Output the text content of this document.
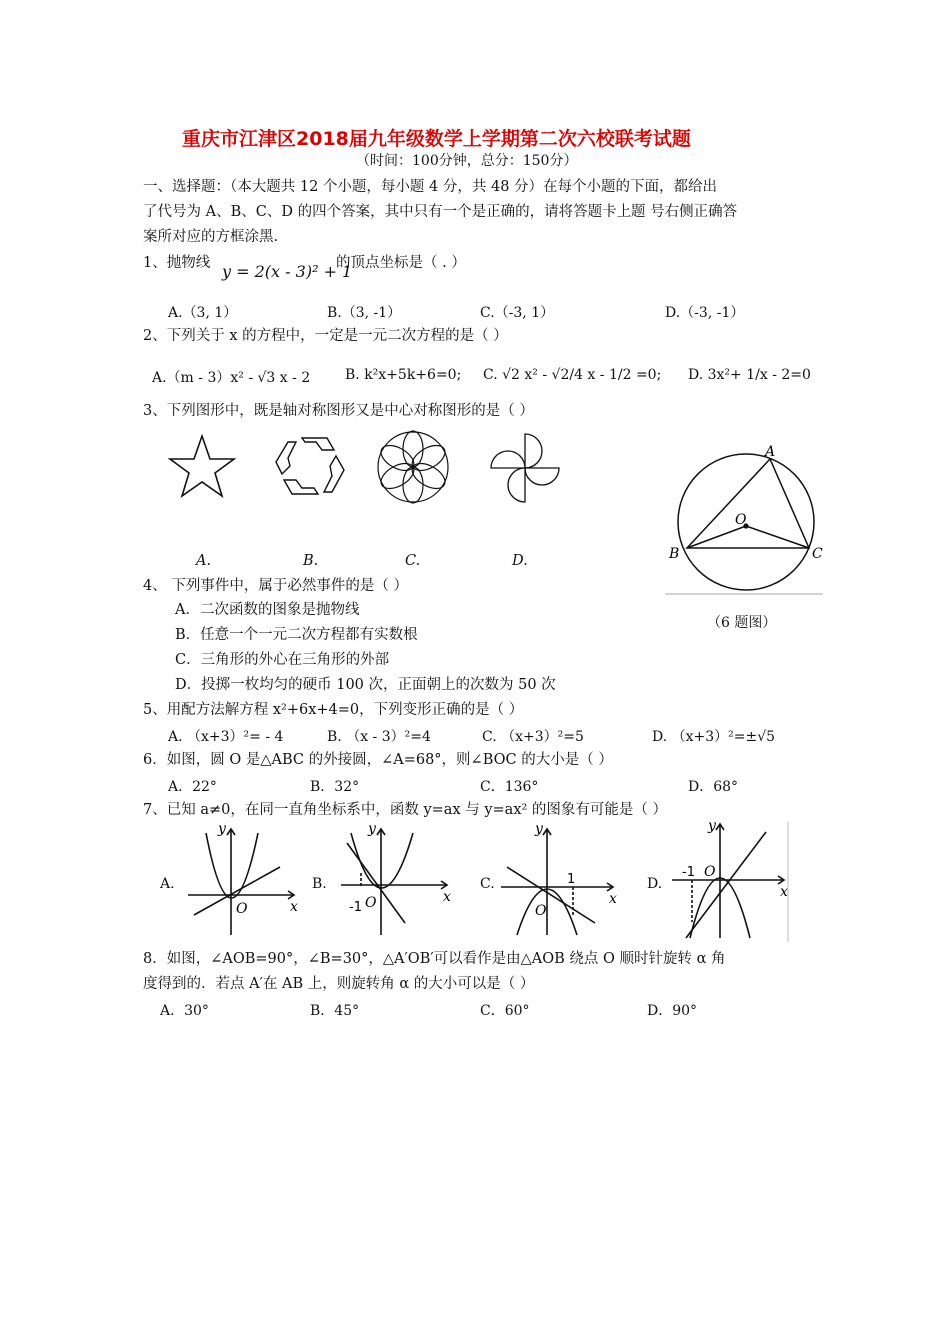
重庆市江津区2018届九年级数学上学期第二次六校联考试题
（时间：100分钟，总分：150分）
一、选择题：（本大题共 12 个小题，每小题 4 分，共 48 分）在每个小题的下面，都给出
了代号为 A、B、C、D 的四个答案，其中只有一个是正确的，请将答题卡上题 号右侧正确答
案所对应的方框涂黑.
1、抛物线 y = 2(x - 3)² + 1
的顶点坐标是（ . ）
A.（3, 1）	B.（3, -1）	C.（-3, 1）	D.（-3, -1）
2、下列关于 x 的方程中，一定是一元二次方程的是（ ）
A.（m - 3）x² - √3 x - 2 B. k²x+5k+6=0; C. √2 x² - √2/4 x - 1/2 =0; D. 3x²+ 1/x - 2=0
3、下列图形中，既是轴对称图形又是中心对称图形的是（ ）
A.	B.	C.	D.
A
O
B	C
（6 题图）
4、 下列事件中，属于必然事件的是（ ）
A．二次函数的图象是抛物线
B．任意一个一元二次方程都有实数根
C．三角形的外心在三角形的外部
D．投掷一枚均匀的硬币 100 次，正面朝上的次数为 50 次
5、用配方法解方程 x²+6x+4=0，下列变形正确的是（ ）
A. （x+3）²= - 4	B. （x - 3）²=4	C. （x+3）²=5	D. （x+3）²=±√5
6．如图，圆 O 是△ABC 的外接圆，∠A=68°，则∠BOC 的大小是（ ）
A．22°	B．32°	C．136°	D．68°
7、已知 a≠0，在同一直角坐标系中，函数 y=ax 与 y=ax² 的图象有可能是（ ）
A.	B.	C.	D.
y
x
O
y
x
O
-1
y
x
O
1
y
x
O
-1
8．如图，∠AOB=90°，∠B=30°，△A′OB′可以看作是由△AOB 绕点 O 顺时针旋转 α 角
度得到的．若点 A′在 AB 上，则旋转角 α 的大小可以是（ ）
A．30°	B．45°	C．60°	D．90°
